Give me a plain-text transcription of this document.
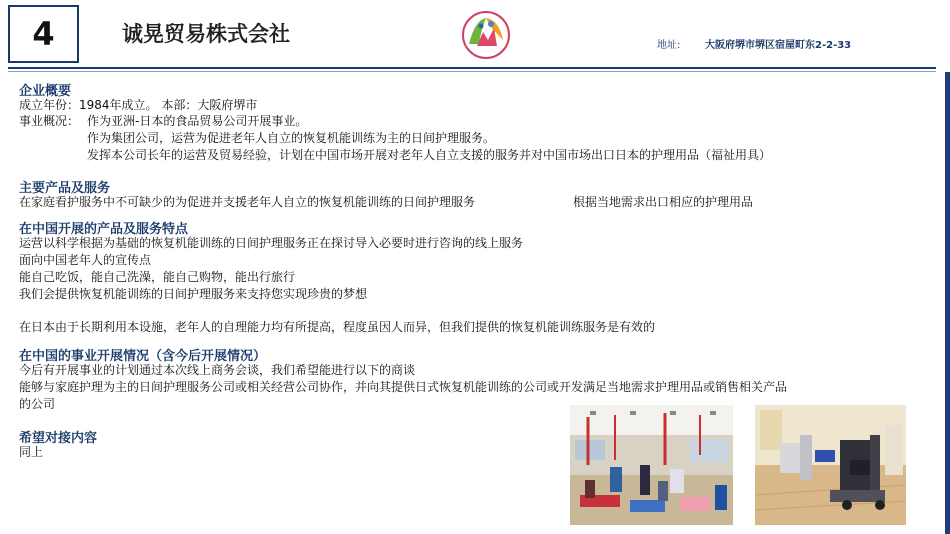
4	诚晃贸易株式会社	地址: 大阪府堺市堺区宿屋町东2-2-33
企业概要
成立年份：1984年成立。 本部：大阪府堺市
事业概况： 作为亚洲-日本的食品贸易公司开展事业。
作为集团公司，运营为促进老年人自立的恢复机能训练为主的日间护理服务。
发挥本公司长年的运营及贸易经验，计划在中国市场开展对老年人自立支援的服务并对中国市场出口日本的护理用品（福祉用具）
主要产品及服务
在家庭看护服务中不可缺少的为促进并支援老年人自立的恢复机能训练的日间护理服务	根据当地需求出口相应的护理用品
在中国开展的产品及服务特点
运营以科学根据为基础的恢复机能训练的日间护理服务正在探讨导入必要时进行咨询的线上服务
面向中国老年人的宣传点
能自己吃饭，能自己洗澡，能自己购物，能出行旅行
我们会提供恢复机能训练的日间护理服务来支持您实现珍贵的梦想
在日本由于长期利用本设施，老年人的自理能力均有所提高，程度虽因人而异，但我们提供的恢复机能训练服务是有效的
在中国的事业开展情况（含今后开展情况）
今后有开展事业的计划通过本次线上商务会谈，我们希望能进行以下的商谈
能够与家庭护理为主的日间护理服务公司或相关经营公司协作，并向其提供日式恢复机能训练的公司或开发满足当地需求护理用品或销售相关产品
的公司
希望对接内容
同上
